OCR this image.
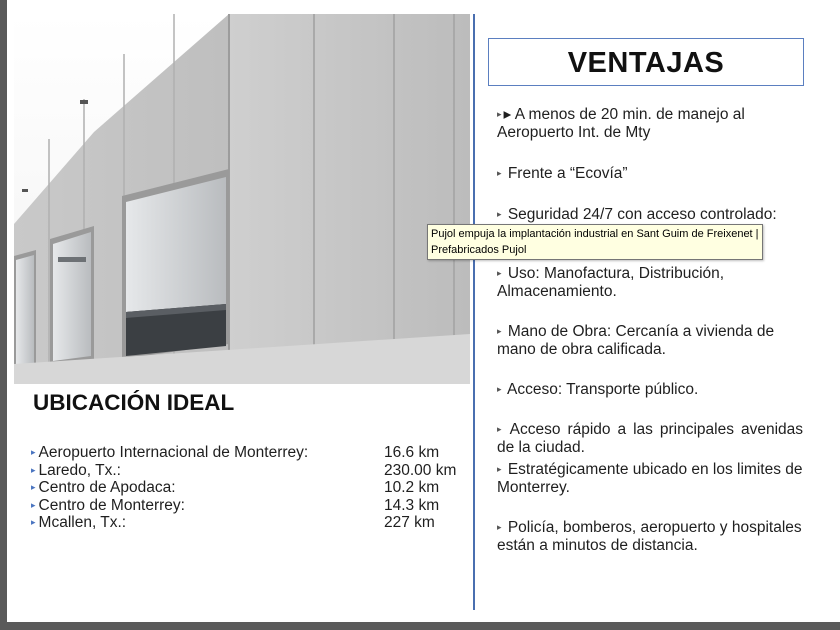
VENTAJAS
▸ ▸ A menos de 20 min. de manejo al Aeropuerto Int. de Mty
▸ Frente a “Ecovía”
▸ Seguridad 24/7 con acceso controlado:
▸ Uso: Manofactura, Distribución, Almacenamiento.
▸ Mano de Obra: Cercanía a vivienda de mano de obra calificada.
▸ Acceso: Transporte público.
▸ Acceso rápido a las principales avenidas de la ciudad.
▸ Estratégicamente ubicado en los limites de Monterrey.
▸ Policía, bomberos, aeropuerto y hospitales están a minutos de distancia.
Pujol empuja la implantación industrial en Sant Guim de Freixenet | Prefabricados Pujol
UBICACIÓN IDEAL
▸ Aeropuerto Internacional de Monterrey:	16.6 km
▸ Laredo, Tx.:	230.00 km
▸ Centro de Apodaca:	10.2 km
▸ Centro de Monterrey:	14.3 km
▸ Mcallen, Tx.:	227 km
